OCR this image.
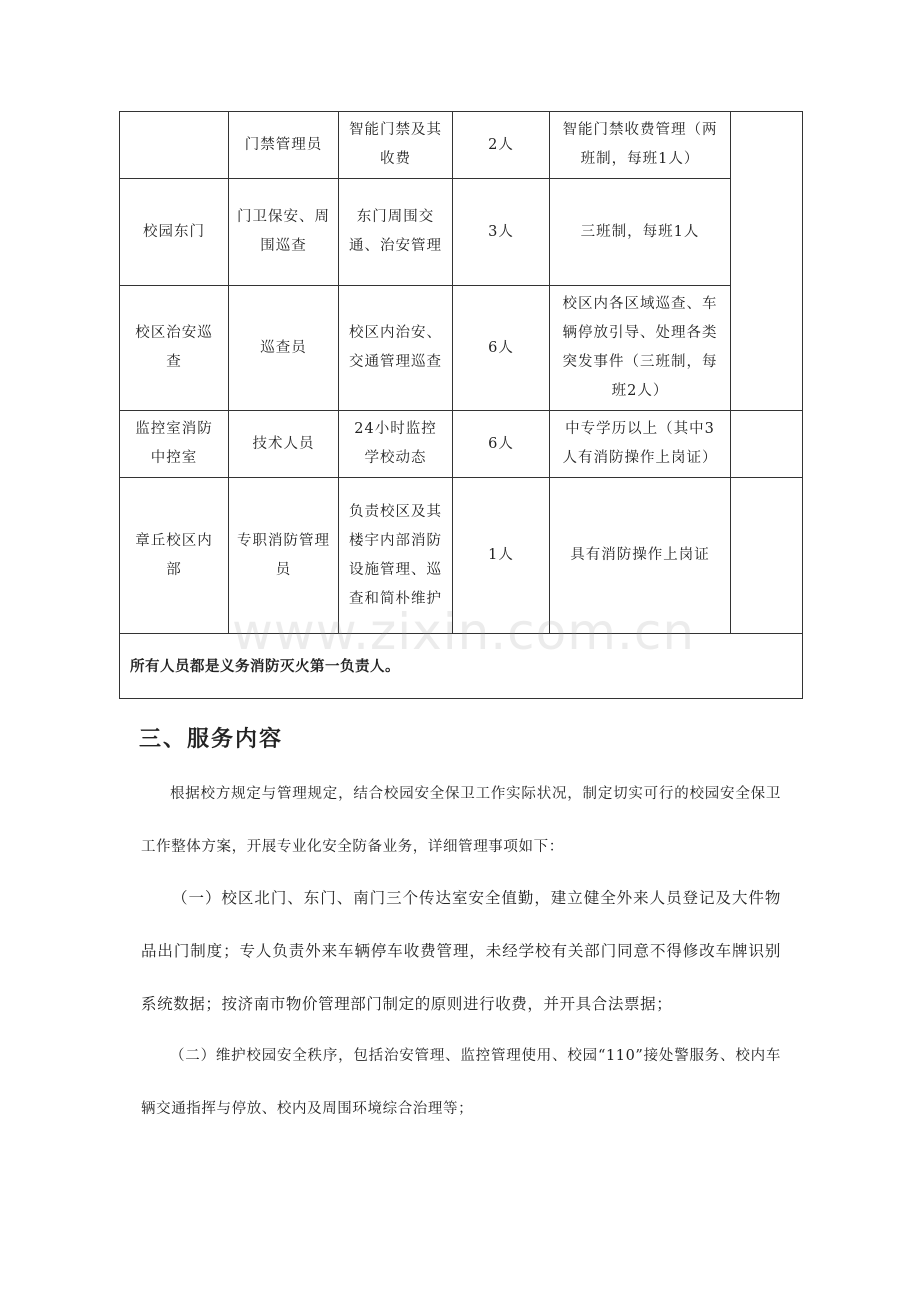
	门禁管理员	智能门禁及其收费	2人	智能门禁收费管理（两班制，每班1人）	
校园东门	门卫保安、周围巡查	东门周围交通、治安管理	3人	三班制，每班1人	
校区治安巡查	巡查员	校区内治安、交通管理巡查	6人	校区内各区域巡查、车辆停放引导、处理各类突发事件（三班制，每班2人）	
监控室消防中控室	技术人员	24小时监控学校动态	6人	中专学历以上（其中3人有消防操作上岗证）	
章丘校区内部	专职消防管理员	负责校区及其楼宇内部消防设施管理、巡查和简朴维护	1人	具有消防操作上岗证	
所有人员都是义务消防灭火第一负责人。					
www.zixin.com.cn
三、服务内容

根据校方规定与管理规定，结合校园安全保卫工作实际状况，制定切实可行的校园安全保卫工作整体方案，开展专业化安全防备业务，详细管理事项如下：

（一）校区北门、东门、南门三个传达室安全值勤，建立健全外来人员登记及大件物品出门制度；专人负责外来车辆停车收费管理，未经学校有关部门同意不得修改车牌识别系统数据；按济南市物价管理部门制定的原则进行收费，并开具合法票据；

（二）维护校园安全秩序，包括治安管理、监控管理使用、校园“110”接处警服务、校内车辆交通指挥与停放、校内及周围环境综合治理等；
